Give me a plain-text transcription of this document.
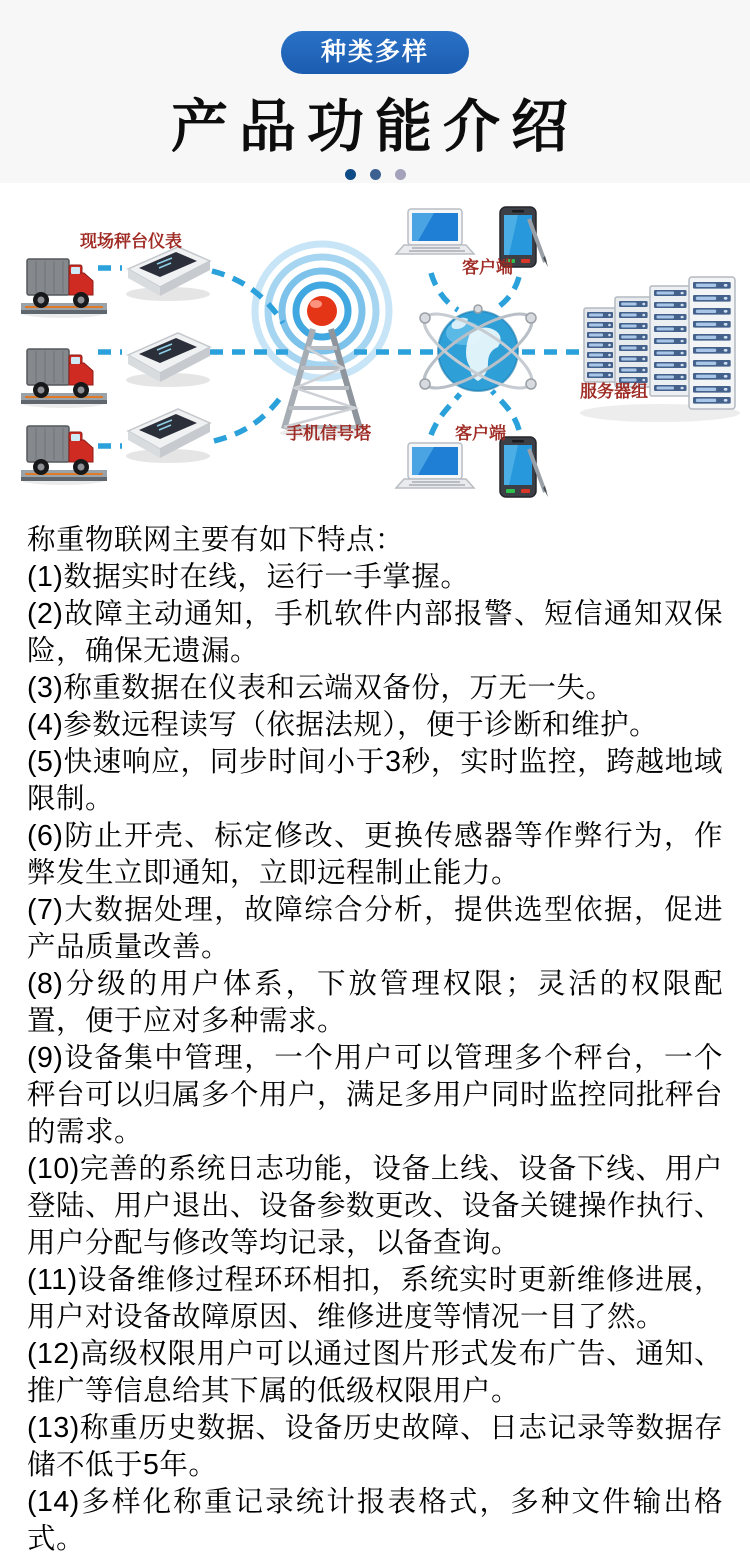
种类多样
产品功能介绍
现场秤台仪表
手机信号塔
客户端
客户端
服务器组

称重物联网主要有如下特点：

(1)数据实时在线，运行一手掌握。

(2)故障主动通知，手机软件内部报警、短信通知双保险，确保无遗漏。

(3)称重数据在仪表和云端双备份，万无一失。

(4)参数远程读写（依据法规），便于诊断和维护。

(5)快速响应，同步时间小于3秒，实时监控，跨越地域限制。

(6)防止开壳、标定修改、更换传感器等作弊行为，作弊发生立即通知，立即远程制止能力。

(7)大数据处理，故障综合分析，提供选型依据，促进产品质量改善。

(8)分级的用户体系，下放管理权限；灵活的权限配置，便于应对多种需求。

(9)设备集中管理，一个用户可以管理多个秤台，一个秤台可以归属多个用户，满足多用户同时监控同批秤台的需求。

(10)完善的系统日志功能，设备上线、设备下线、用户登陆、用户退出、设备参数更改、设备关键操作执行、用户分配与修改等均记录，以备查询。

(11)设备维修过程环环相扣，系统实时更新维修进展，用户对设备故障原因、维修进度等情况一目了然。

(12)高级权限用户可以通过图片形式发布广告、通知、推广等信息给其下属的低级权限用户。

(13)称重历史数据、设备历史故障、日志记录等数据存储不低于5年。

(14)多样化称重记录统计报表格式，多种文件输出格式。
